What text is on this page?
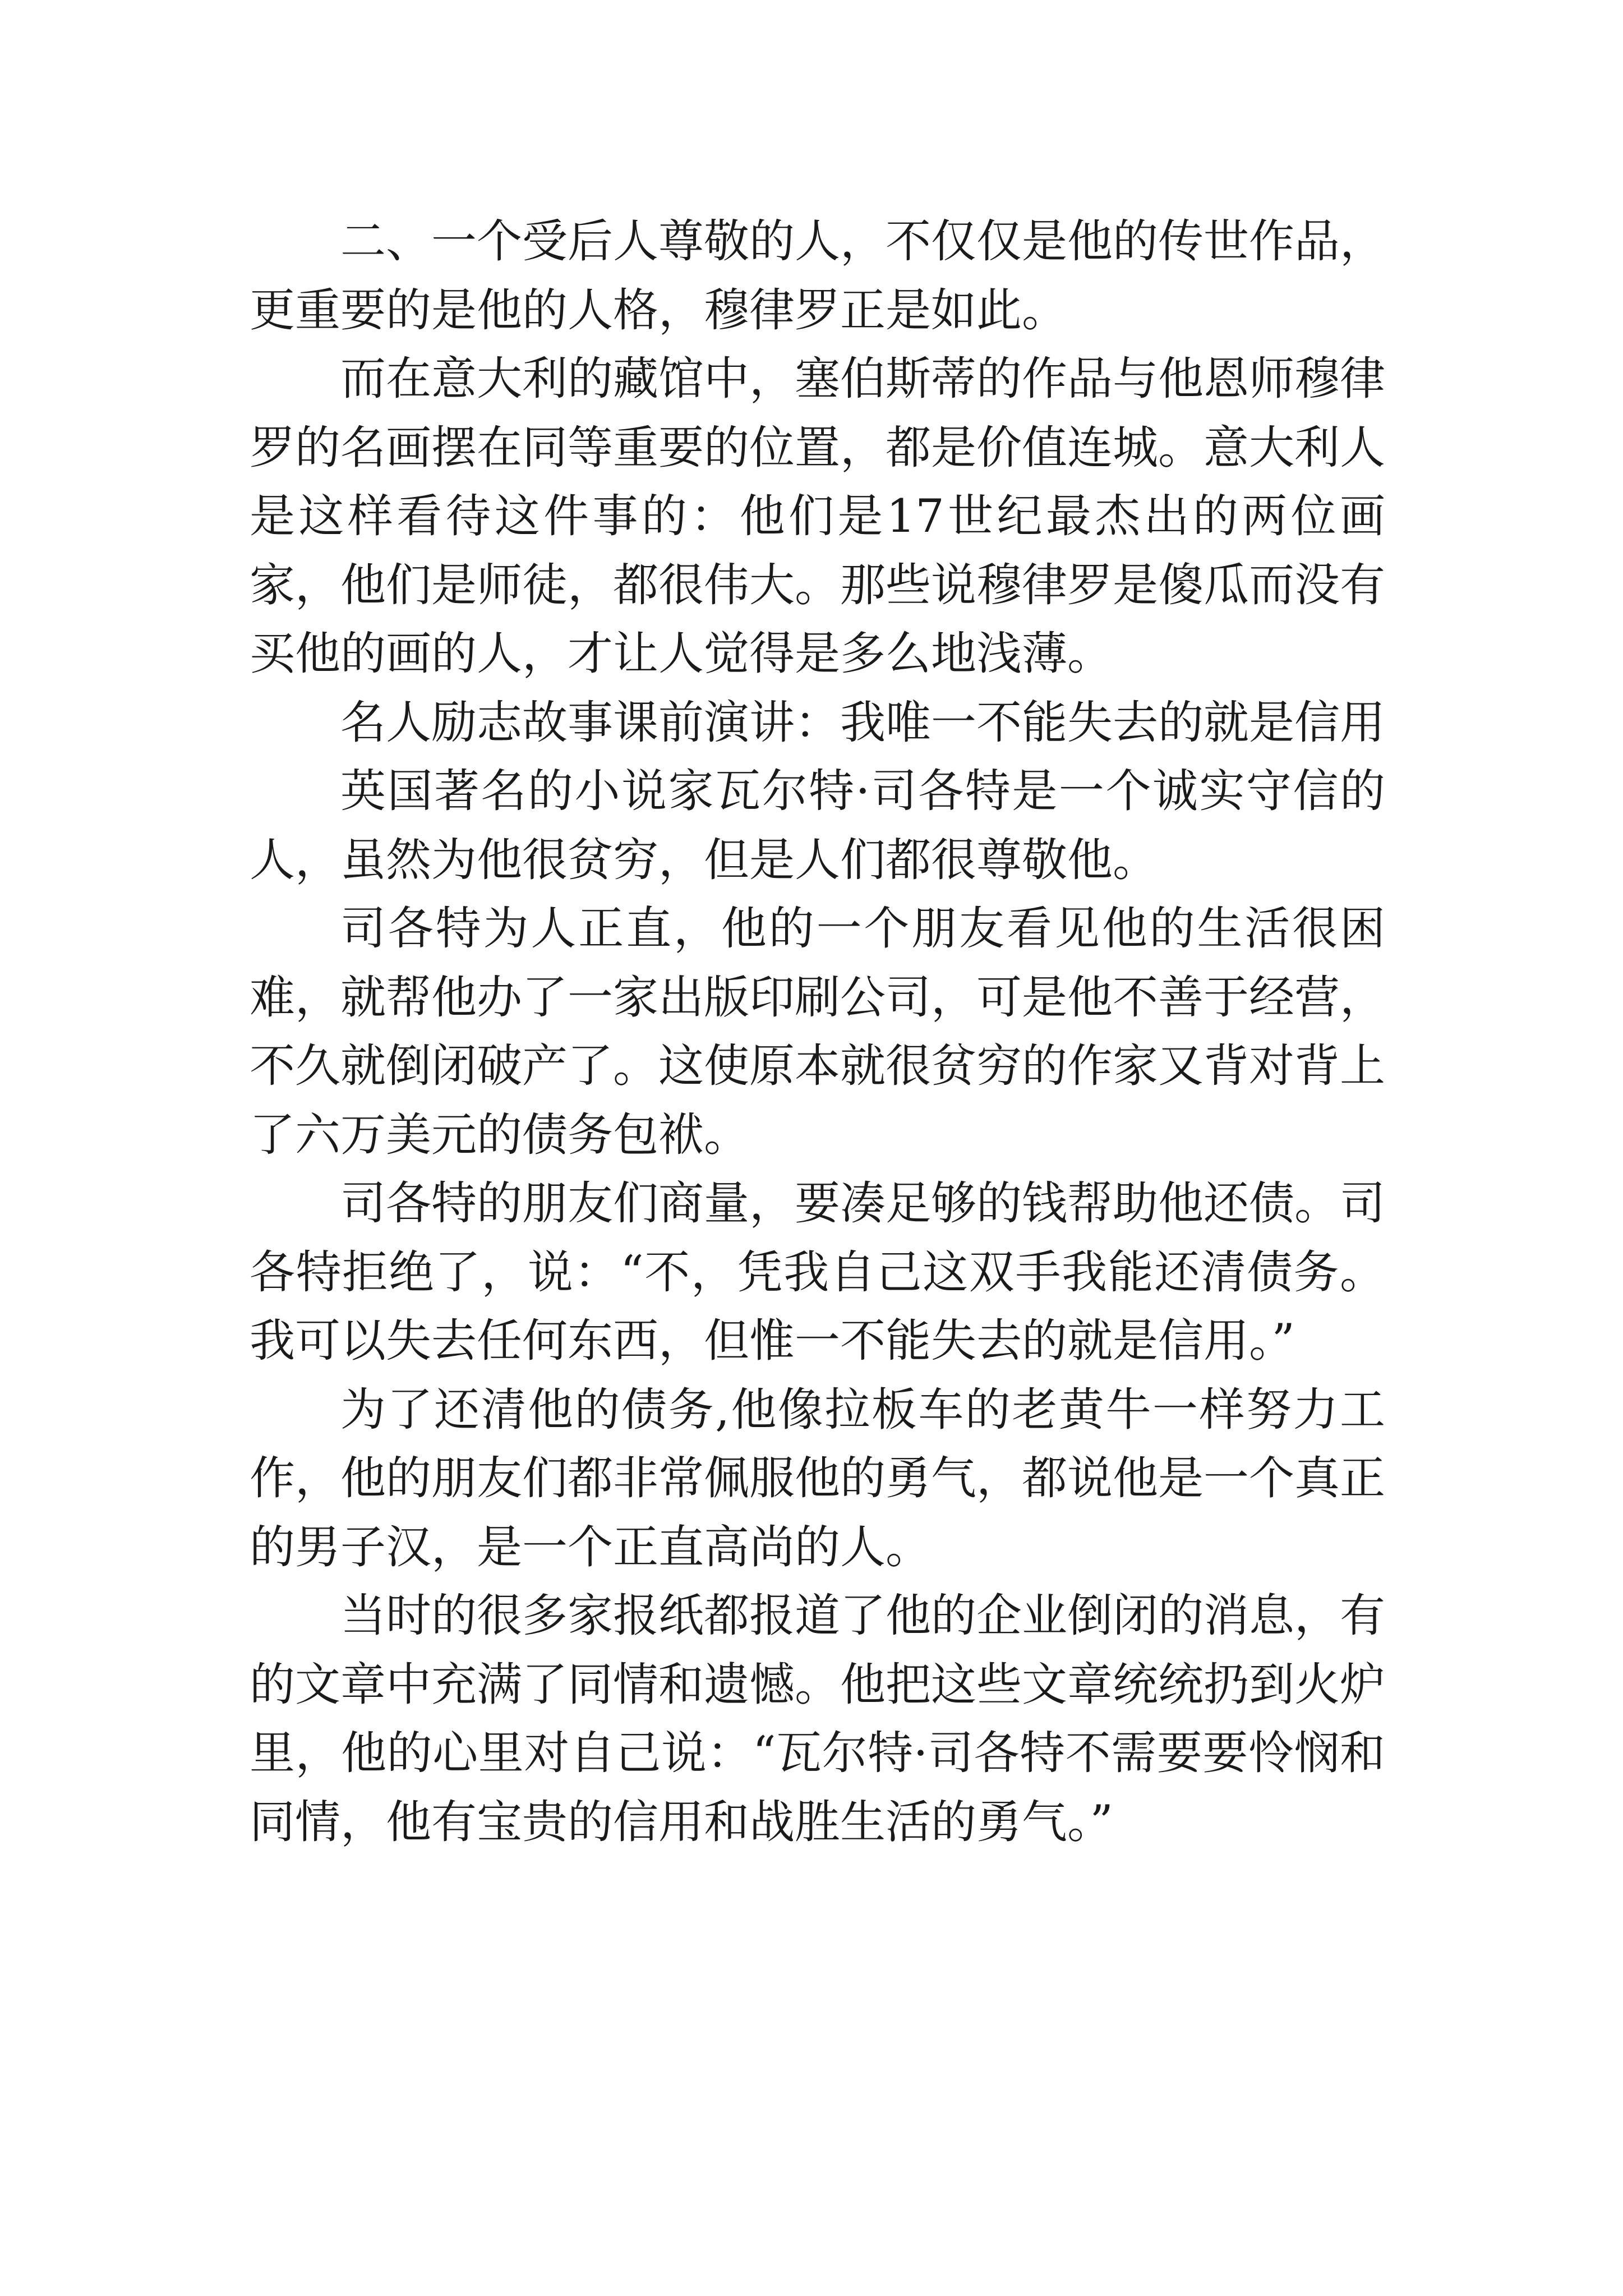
二、一个受后人尊敬的人，不仅仅是他的传世作品，更重要的是他的人格，穆律罗正是如此。

而在意大利的藏馆中，塞伯斯蒂的作品与他恩师穆律罗的名画摆在同等重要的位置，都是价值连城。意大利人是这样看待这件事的：他们是17世纪最杰出的两位画家，他们是师徒，都很伟大。那些说穆律罗是傻瓜而没有买他的画的人，才让人觉得是多么地浅薄。

名人励志故事课前演讲：我唯一不能失去的就是信用

英国著名的小说家瓦尔特·司各特是一个诚实守信的人，虽然为他很贫穷，但是人们都很尊敬他。

司各特为人正直，他的一个朋友看见他的生活很困难，就帮他办了一家出版印刷公司，可是他不善于经营，不久就倒闭破产了。这使原本就很贫穷的作家又背对背上了六万美元的债务包袱。

司各特的朋友们商量，要凑足够的钱帮助他还债。司各特拒绝了，说：“不，凭我自己这双手我能还清债务。我可以失去任何东西，但惟一不能失去的就是信用。”

为了还清他的债务,他像拉板车的老黄牛一样努力工作，他的朋友们都非常佩服他的勇气，都说他是一个真正的男子汉，是一个正直高尚的人。

当时的很多家报纸都报道了他的企业倒闭的消息，有的文章中充满了同情和遗憾。他把这些文章统统扔到火炉里，他的心里对自己说：“瓦尔特·司各特不需要要怜悯和同情，他有宝贵的信用和战胜生活的勇气。”
